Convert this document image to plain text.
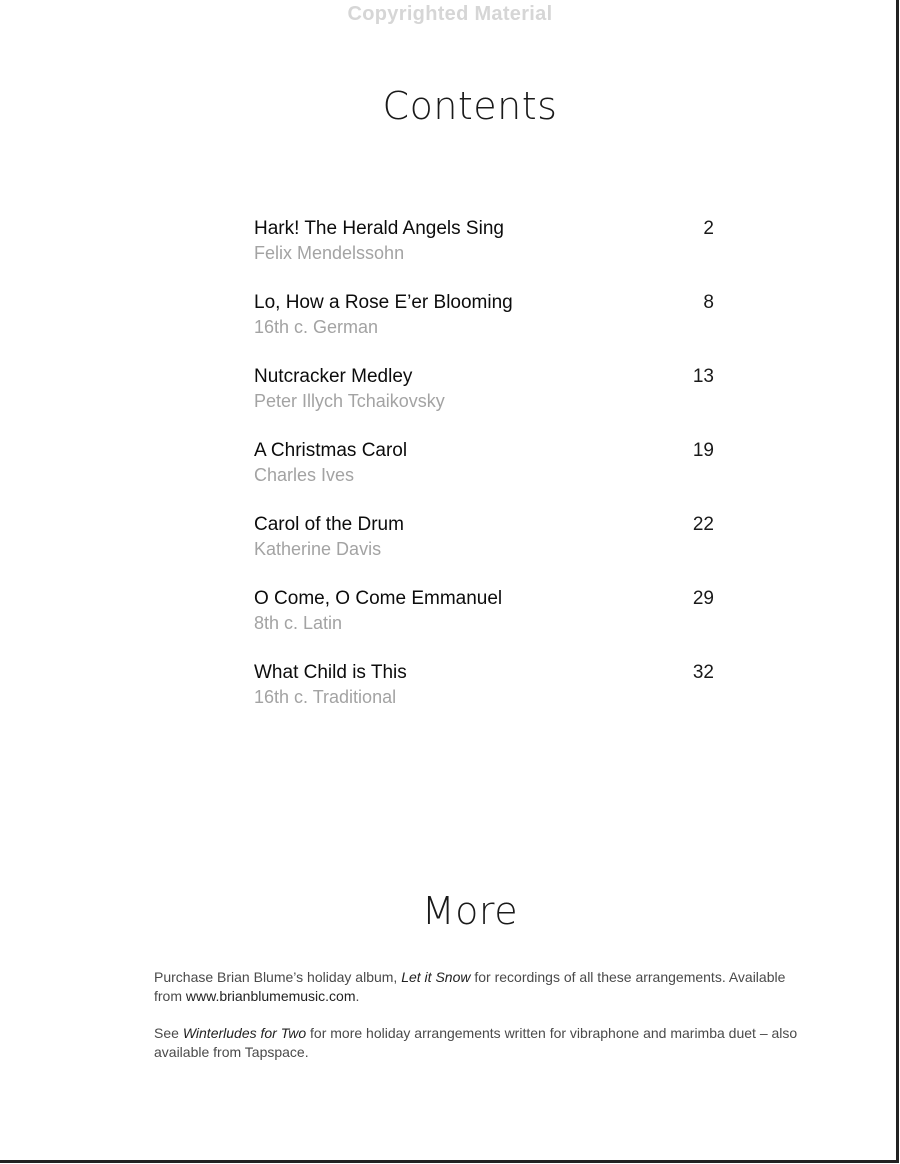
Copyrighted Material
Contents
Hark! The Herald Angels Sing
Felix Mendelssohn
2
Lo, How a Rose E’er Blooming
16th c. German
8
Nutcracker Medley
Peter Illych Tchaikovsky
13
A Christmas Carol
Charles Ives
19
Carol of the Drum
Katherine Davis
22
O Come, O Come Emmanuel
8th c. Latin
29
What Child is This
16th c. Traditional
32
More

Purchase Brian Blume’s holiday album, Let it Snow for recordings of all these arrangements. Available from www.brianblumemusic.com.

See Winterludes for Two for more holiday arrangements written for vibraphone and marimba duet – also available from Tapspace.
